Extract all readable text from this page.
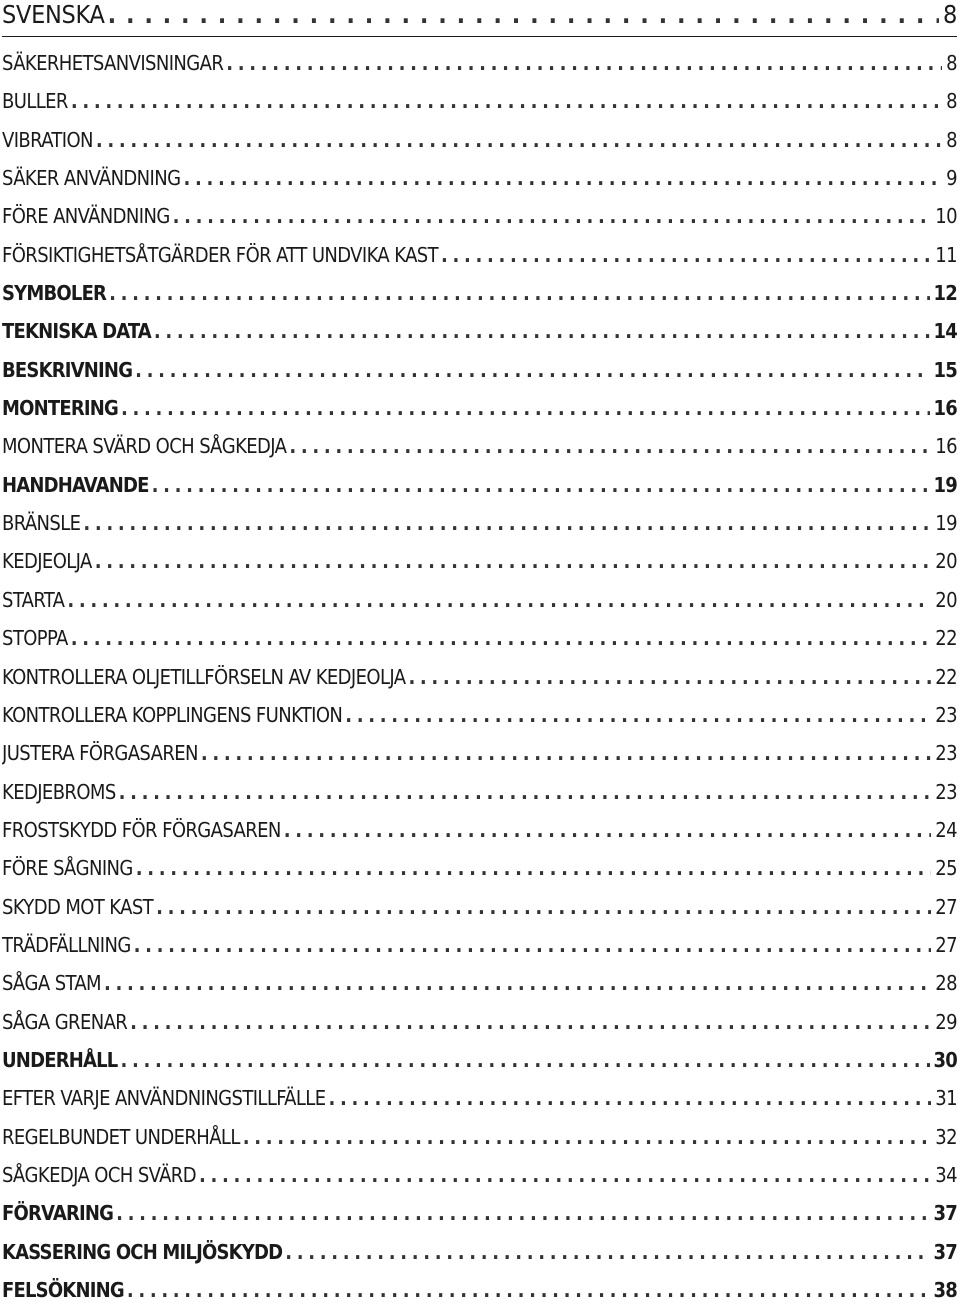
SVENSKA . . .	8
SÄKERHETSANVISNINGAR . . .	8
BULLER . . .	8
VIBRATION . . .	8
SÄKER ANVÄNDNING . . .	9
FÖRE ANVÄNDNING . . .	10
FÖRSIKTIGHETSÅTGÄRDER FÖR ATT UNDVIKA KAST . . .	11
SYMBOLER . . .	12
TEKNISKA DATA . . .	14
BESKRIVNING . . .	15
MONTERING . . .	16
MONTERA SVÄRD OCH SÅGKEDJA . . .	16
HANDHAVANDE . . .	19
BRÄNSLE . . .	19
KEDJEOLJA . . .	20
STARTA . . .	20
STOPPA . . .	22
KONTROLLERA OLJETILLFÖRSELN AV KEDJEOLJA . . .	22
KONTROLLERA KOPPLINGENS FUNKTION . . .	23
JUSTERA FÖRGASAREN . . .	23
KEDJEBROMS . . .	23
FROSTSKYDD FÖR FÖRGASAREN . . .	24
FÖRE SÅGNING . . .	25
SKYDD MOT KAST . . .	27
TRÄDFÄLLNING . . .	27
SÅGA STAM . . .	28
SÅGA GRENAR . . .	29
UNDERHÅLL . . .	30
EFTER VARJE ANVÄNDNINGSTILLFÄLLE . . .	31
REGELBUNDET UNDERHÅLL . . .	32
SÅGKEDJA OCH SVÄRD . . .	34
FÖRVARING . . .	37
KASSERING OCH MILJÖSKYDD . . .	37
FELSÖKNING . . .	38
